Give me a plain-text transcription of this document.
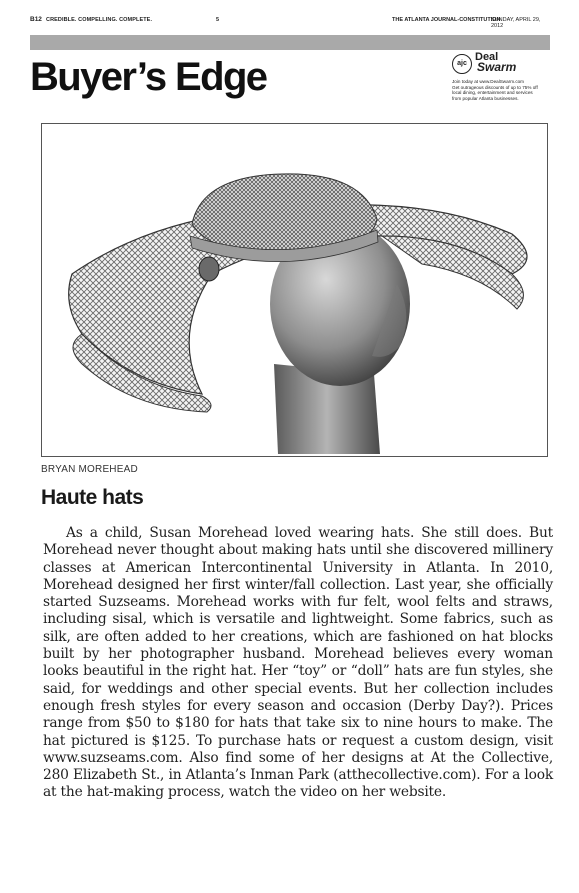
B12 CREDIBLE. COMPELLING. COMPLETE.	5	THE ATLANTA JOURNAL-CONSTITUTION
SUNDAY, APRIL 29, 2012
Buyer’s Edge	ajc
Deal
Swarm
Join today at www.DealSwarm.com
Get outrageous discounts of up to 75% off
local dining, entertainment and services
from popular Atlanta businesses.
BRYAN MOREHEAD
Haute hats

As a child, Susan Morehead loved wearing hats. She still does. But Morehead never thought about making hats until she discovered millinery classes at American Intercontinental University in Atlanta. In 2010, Morehead designed her first winter/fall collection. Last year, she officially started Suzseams. Morehead works with fur felt, wool felts and straws, including sisal, which is versatile and lightweight. Some fabrics, such as silk, are often added to her creations, which are fashioned on hat blocks built by her photographer husband. Morehead believes every woman looks beautiful in the right hat. Her “toy” or “doll” hats are fun styles, she said, for weddings and other special events. But her collection includes enough fresh styles for every season and occasion (Derby Day?). Prices range from $50 to $180 for hats that take six to nine hours to make. The hat pictured is $125. To purchase hats or request a custom design, visit www.suzseams.com. Also find some of her designs at At the Collective, 280 Elizabeth St., in Atlanta’s Inman Park (atthecollective.com). For a look at the hat-making process, watch the video on her website.
